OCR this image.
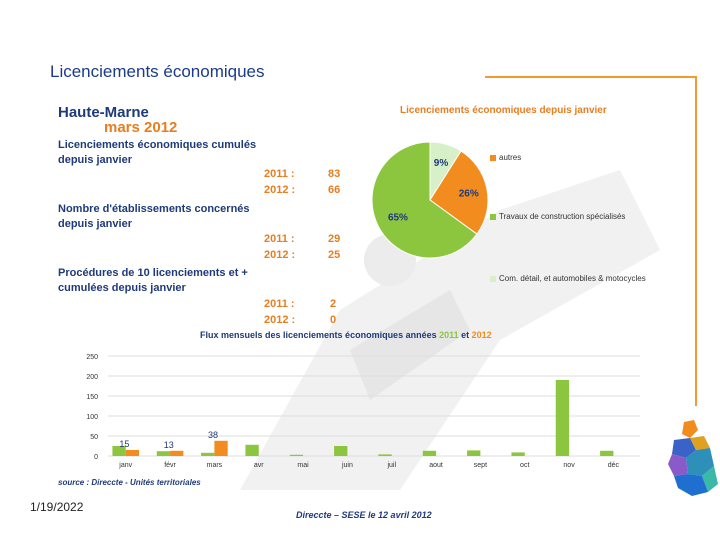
Licenciements économiques
Haute-Marne
mars 2012
Licenciements économiques cumulés
depuis janvier
2011 :	83
2012 :	66
Nombre d'établissements concernés
depuis janvier
2011 :	29
2012 :	25
Procédures de 10 licenciements et +
cumulées depuis janvier
2011 :	2
2012 :	0
Licenciements économiques depuis janvier
9%
26%
65%
autres
Travaux de construction spécialisés
Com. détail, et automobiles & motocycles
Flux mensuels des licenciements économiques années 2011 et 2012
250
200
150
100
50
0
janv	févr	mars	avr	mai	juin	juil	aout	sept	oct	nov	déc
15	13
38
source : Direccte - Unités territoriales
1/19/2022
Direccte – SESE le 12 avril 2012
